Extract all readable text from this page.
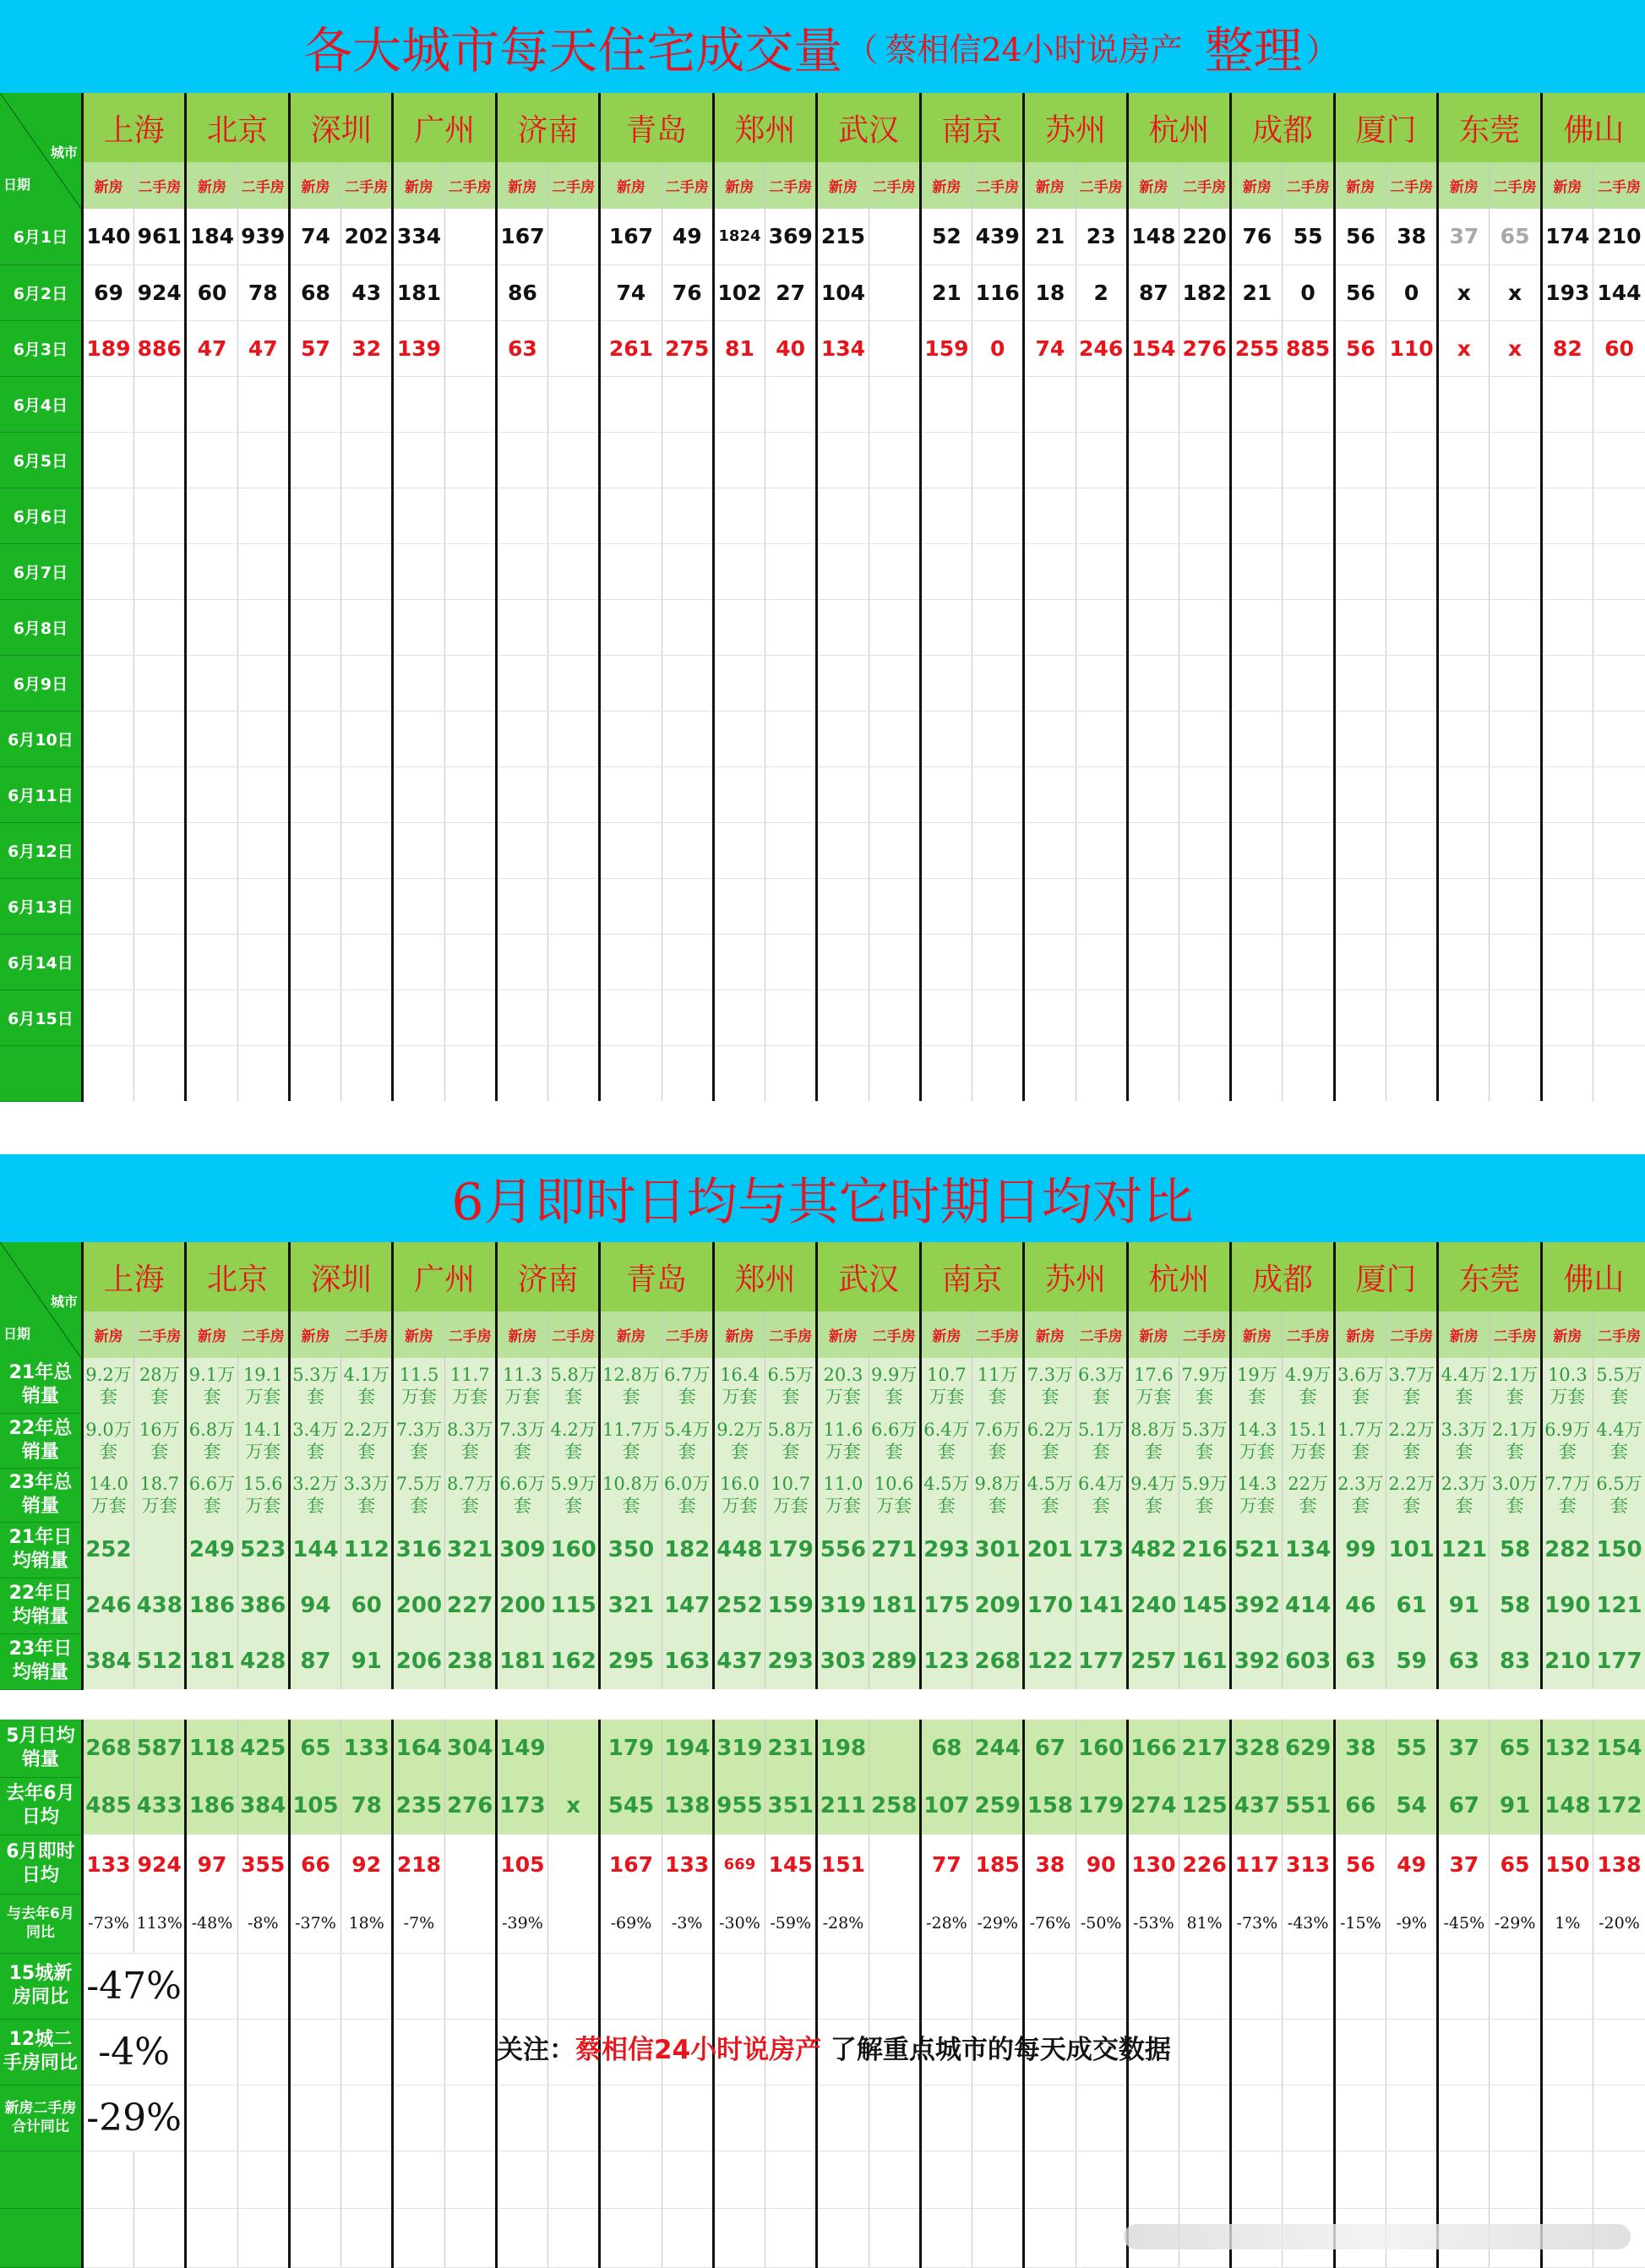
各大城市每天住宅成交量 （ 蔡相信24小时说房产 整理 ）
日期
城市	上海		北京		深圳		广州		济南		青岛		郑州		武汉		南京		苏州		杭州		成都		厦门		东莞		佛山	
	新房	二手房	新房	二手房	新房	二手房	新房	二手房	新房	二手房	新房	二手房	新房	二手房	新房	二手房	新房	二手房	新房	二手房	新房	二手房	新房	二手房	新房	二手房	新房	二手房	新房	二手房
6月1日	140	961	184	939	74	202	334		167		167	49	1824	369	215		52	439	21	23	148	220	76	55	56	38	37	65	174	210
6月2日	69	924	60	78	68	43	181		86		74	76	102	27	104		21	116	18	2	87	182	21	0	56	0	x	x	193	144
6月3日	189	886	47	47	57	32	139		63		261	275	81	40	134		159	0	74	246	154	276	255	885	56	110	x	x	82	60
6月4日																														
6月5日																														
6月6日																														
6月7日																														
6月8日																														
6月9日																														
6月10日																														
6月11日																														
6月12日																														
6月13日																														
6月14日																														
6月15日																														

6月即时日均与其它时期日均对比
日期
城市	上海		北京		深圳		广州		济南		青岛		郑州		武汉		南京		苏州		杭州		成都		厦门		东莞		佛山	
	新房	二手房	新房	二手房	新房	二手房	新房	二手房	新房	二手房	新房	二手房	新房	二手房	新房	二手房	新房	二手房	新房	二手房	新房	二手房	新房	二手房	新房	二手房	新房	二手房	新房	二手房
21年总销量	9.2万套	28万套	9.1万套	19.1万套	5.3万套	4.1万套	11.5万套	11.7万套	11.3万套	5.8万套	12.8万套	6.7万套	16.4万套	6.5万套	20.3万套	9.9万套	10.7万套	11万套	7.3万套	6.3万套	17.6万套	7.9万套	19万套	4.9万套	3.6万套	3.7万套	4.4万套	2.1万套	10.3万套	5.5万套
22年总销量	9.0万套	16万套	6.8万套	14.1万套	3.4万套	2.2万套	7.3万套	8.3万套	7.3万套	4.2万套	11.7万套	5.4万套	9.2万套	5.8万套	11.6万套	6.6万套	6.4万套	7.6万套	6.2万套	5.1万套	8.8万套	5.3万套	14.3万套	15.1万套	1.7万套	2.2万套	3.3万套	2.1万套	6.9万套	4.4万套
23年总销量	14.0万套	18.7万套	6.6万套	15.6万套	3.2万套	3.3万套	7.5万套	8.7万套	6.6万套	5.9万套	10.8万套	6.0万套	16.0万套	10.7万套	11.0万套	10.6万套	4.5万套	9.8万套	4.5万套	6.4万套	9.4万套	5.9万套	14.3万套	22万套	2.3万套	2.2万套	2.3万套	3.0万套	7.7万套	6.5万套
21年日均销量	252		249	523	144	112	316	321	309	160	350	182	448	179	556	271	293	301	201	173	482	216	521	134	99	101	121	58	282	150
22年日均销量	246	438	186	386	94	60	200	227	200	115	321	147	252	159	319	181	175	209	170	141	240	145	392	414	46	61	91	58	190	121
23年日均销量	384	512	181	428	87	91	206	238	181	162	295	163	437	293	303	289	123	268	122	177	257	161	392	603	63	59	63	83	210	177

5月日均销量	268	587	118	425	65	133	164	304	149		179	194	319	231	198		68	244	67	160	166	217	328	629	38	55	37	65	132	154
去年6月日均	485	433	186	384	105	78	235	276	173	x	545	138	955	351	211	258	107	259	158	179	274	125	437	551	66	54	67	91	148	172
6月即时日均	133	924	97	355	66	92	218		105		167	133	669	145	151		77	185	38	90	130	226	117	313	56	49	37	65	150	138
与去年6月同比	-73%	113%	-48%	-8%	-37%	18%	-7%		-39%		-69%	-3%	-30%	-59%	-28%		-28%	-29%	-76%	-50%	-53%	81%	-73%	-43%	-15%	-9%	-45%	-29%	1%	-20%
15城新房同比	-47%																													
12城二手房同比	-4%																													
新房二手房合计同比	-29%																													

关注：蔡相信24小时说房产 了解重点城市的每天成交数据
